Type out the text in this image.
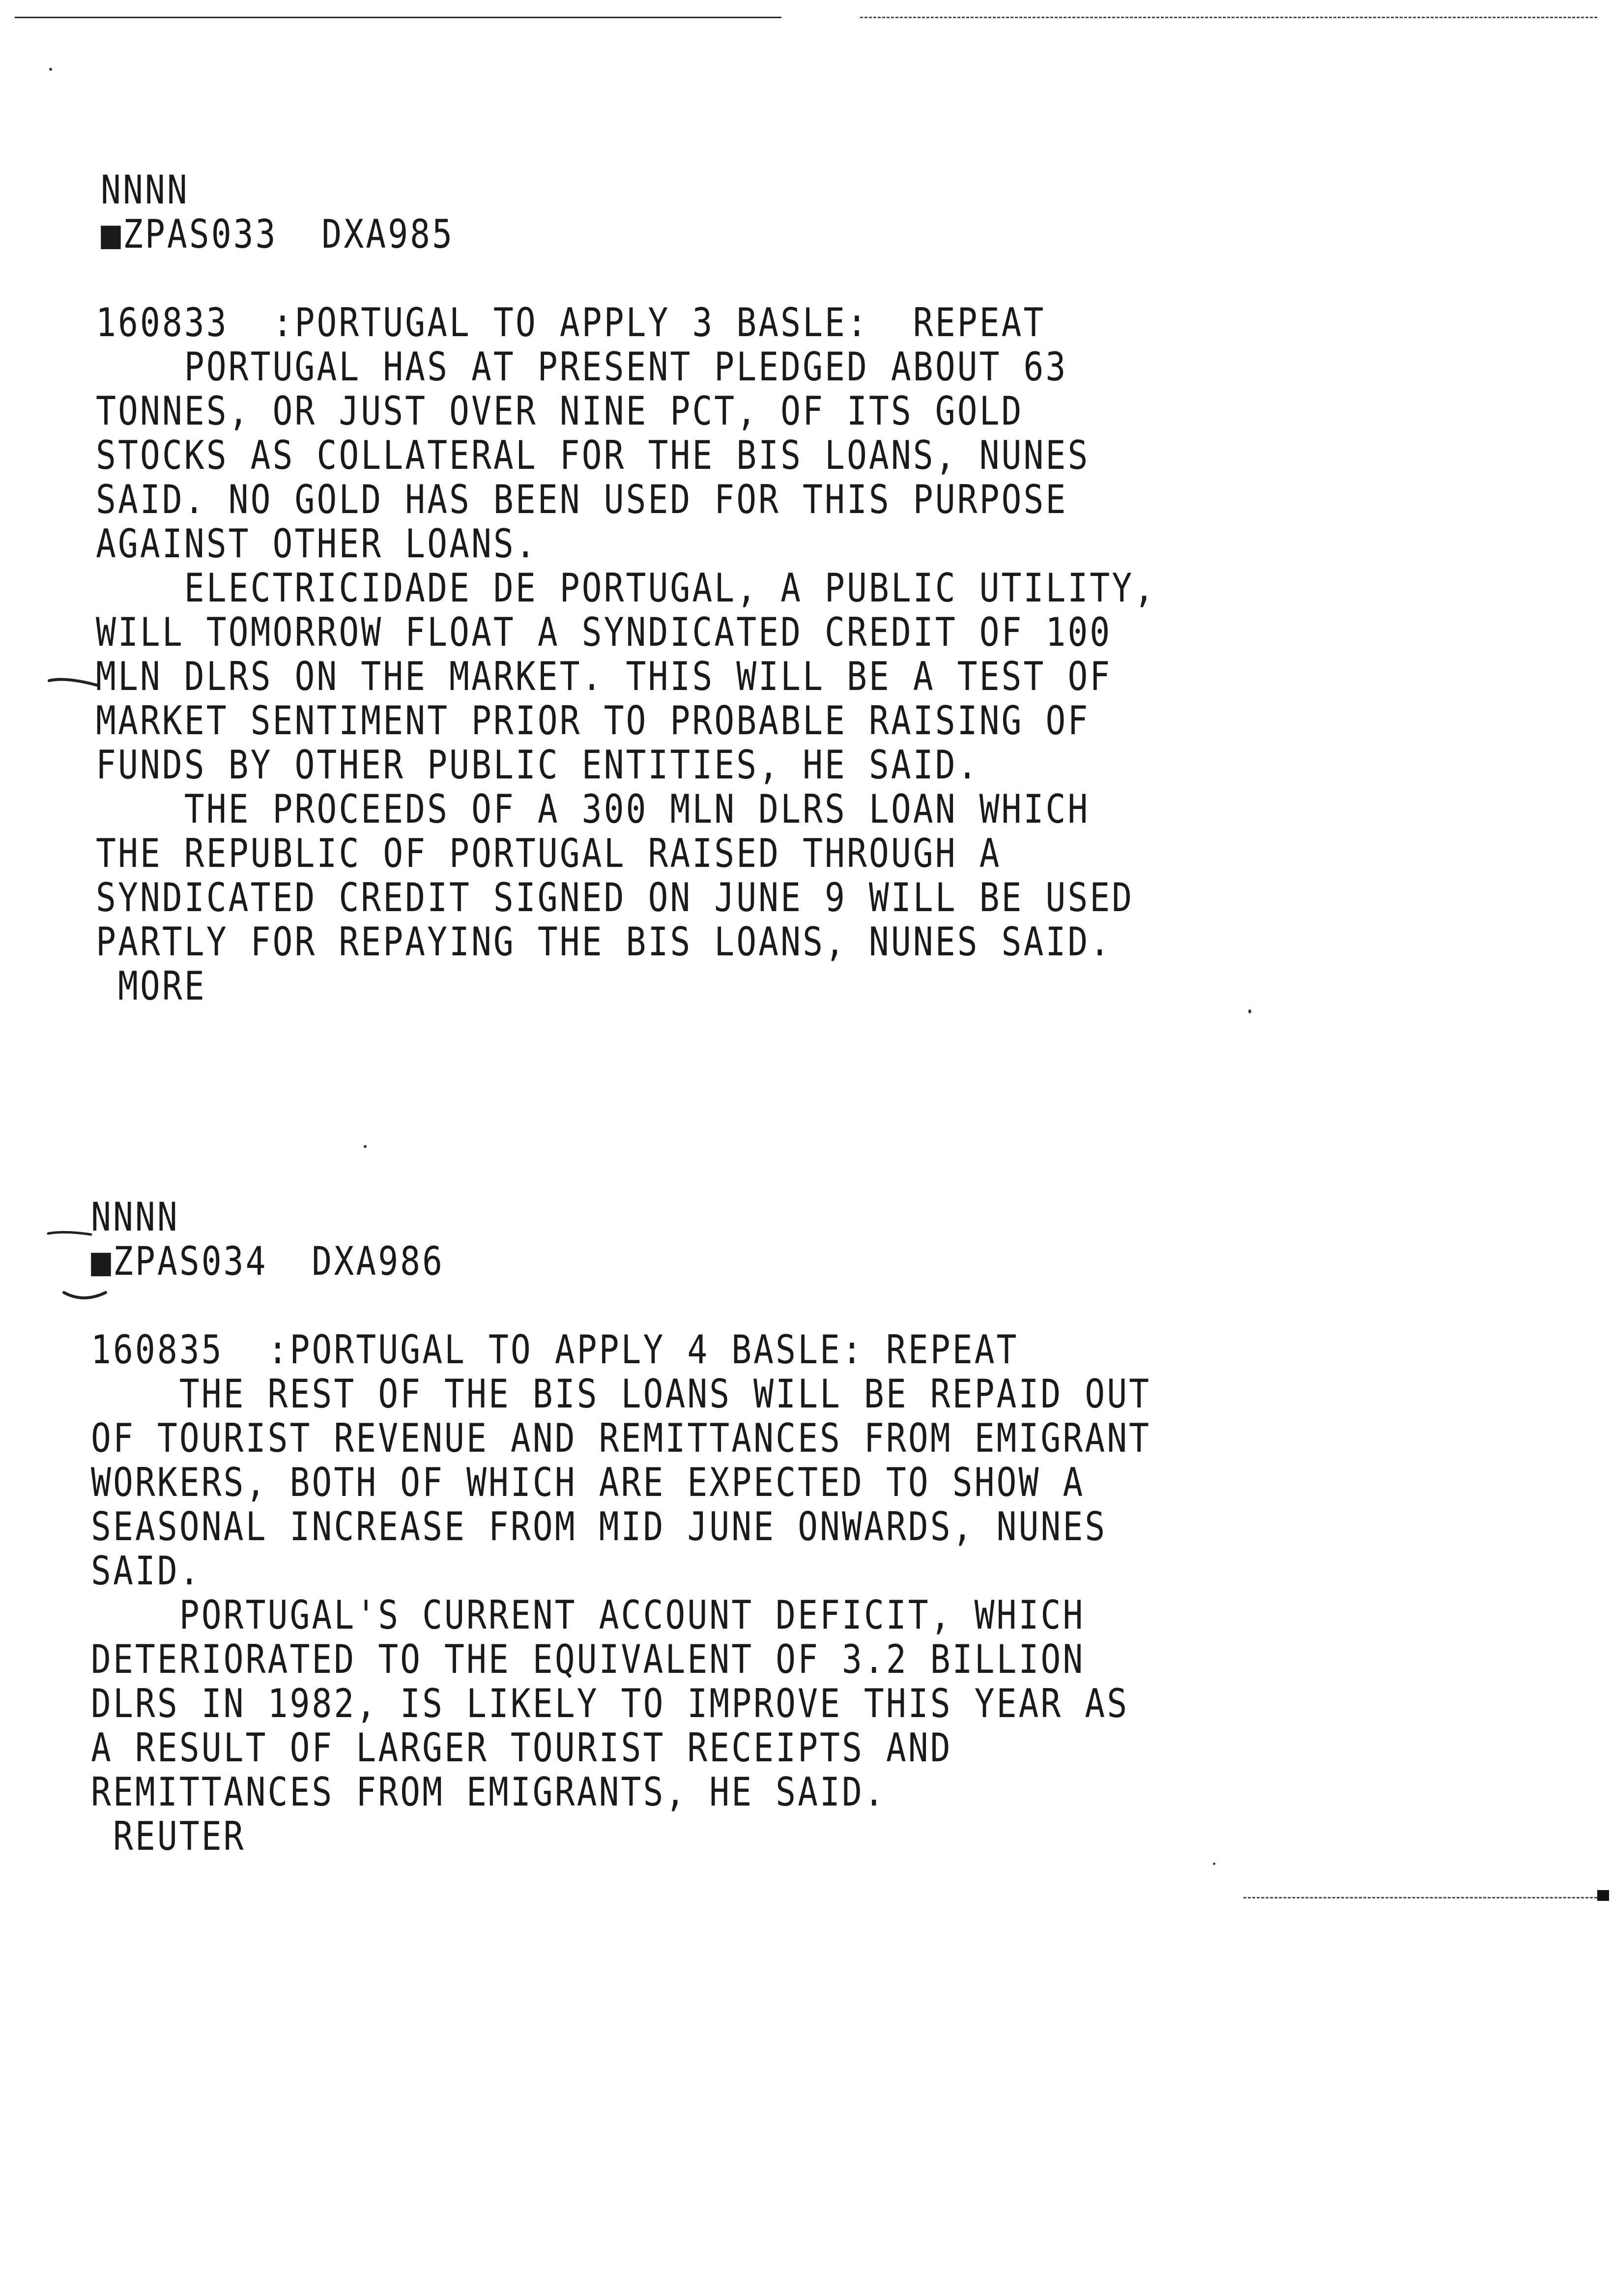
NNNN
■ZPAS033  DXA985
160833  :PORTUGAL TO APPLY 3 BASLE:  REPEAT
PORTUGAL HAS AT PRESENT PLEDGED ABOUT 63
TONNES, OR JUST OVER NINE PCT, OF ITS GOLD
STOCKS AS COLLATERAL FOR THE BIS LOANS, NUNES
SAID. NO GOLD HAS BEEN USED FOR THIS PURPOSE
AGAINST OTHER LOANS.
ELECTRICIDADE DE PORTUGAL, A PUBLIC UTILITY,
WILL TOMORROW FLOAT A SYNDICATED CREDIT OF 100
MLN DLRS ON THE MARKET. THIS WILL BE A TEST OF
MARKET SENTIMENT PRIOR TO PROBABLE RAISING OF
FUNDS BY OTHER PUBLIC ENTITIES, HE SAID.
THE PROCEEDS OF A 300 MLN DLRS LOAN WHICH
THE REPUBLIC OF PORTUGAL RAISED THROUGH A
SYNDICATED CREDIT SIGNED ON JUNE 9 WILL BE USED
PARTLY FOR REPAYING THE BIS LOANS, NUNES SAID.
MORE
NNNN
■ZPAS034  DXA986
160835  :PORTUGAL TO APPLY 4 BASLE: REPEAT
THE REST OF THE BIS LOANS WILL BE REPAID OUT
OF TOURIST REVENUE AND REMITTANCES FROM EMIGRANT
WORKERS, BOTH OF WHICH ARE EXPECTED TO SHOW A
SEASONAL INCREASE FROM MID JUNE ONWARDS, NUNES
SAID.
PORTUGAL'S CURRENT ACCOUNT DEFICIT, WHICH
DETERIORATED TO THE EQUIVALENT OF 3.2 BILLION
DLRS IN 1982, IS LIKELY TO IMPROVE THIS YEAR AS
A RESULT OF LARGER TOURIST RECEIPTS AND
REMITTANCES FROM EMIGRANTS, HE SAID.
REUTER
